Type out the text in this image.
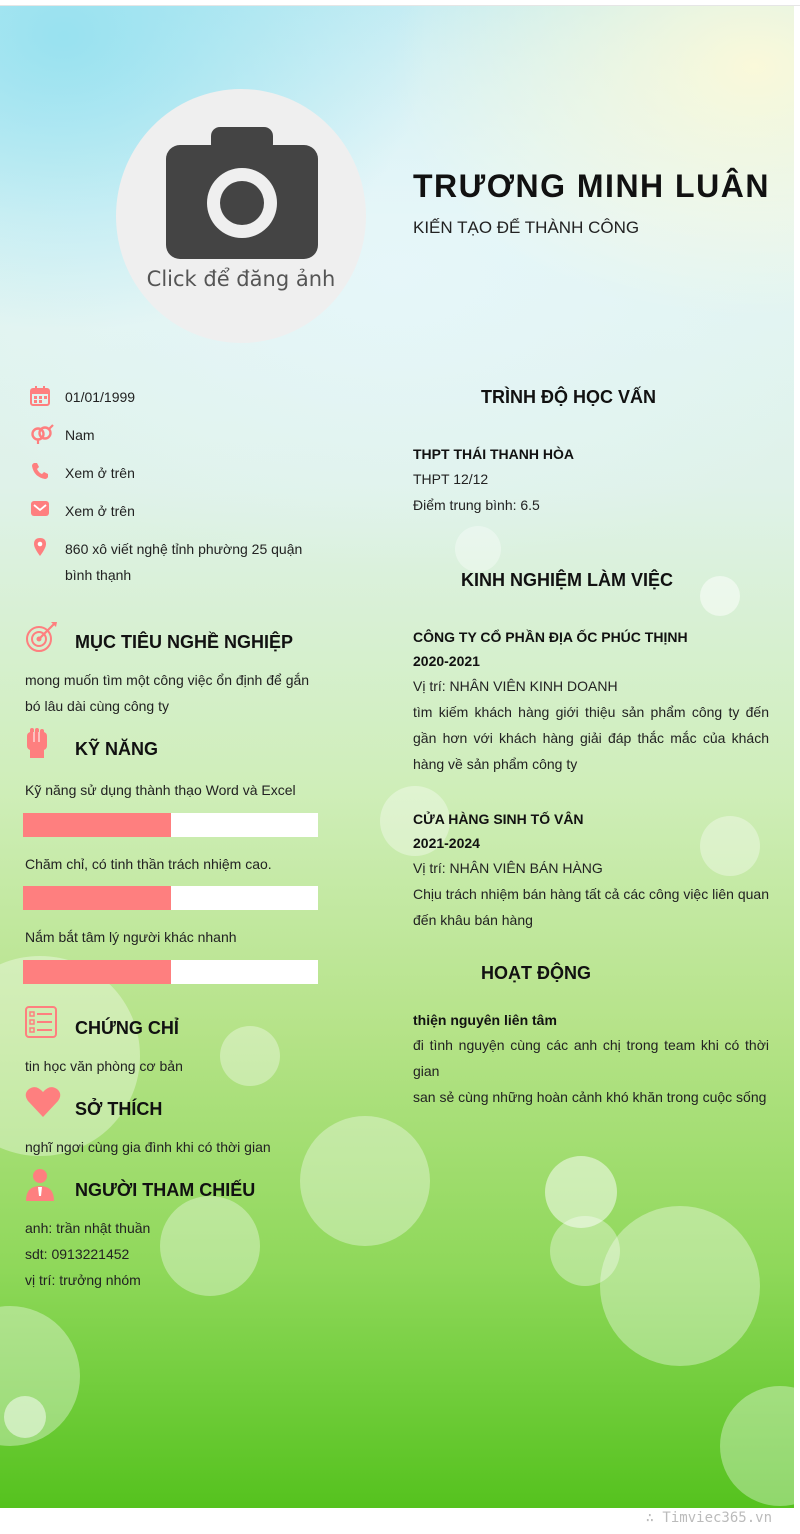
Click để đăng ảnh
TRƯƠNG MINH LUÂN
KIẾN TẠO ĐỂ THÀNH CÔNG
01/01/1999
Nam
Xem ở trên
Xem ở trên
860 xô viết nghệ tỉnh phường 25 quận bình thạnh
MỤC TIÊU NGHỀ NGHIỆP
mong muốn tìm một công việc ổn định để gắn bó lâu dài cùng công ty
KỸ NĂNG
Kỹ năng sử dụng thành thạo Word và Excel
Chăm chỉ, có tinh thần trách nhiệm cao.
Nắm bắt tâm lý người khác nhanh
CHỨNG CHỈ
tin học văn phòng cơ bản
SỞ THÍCH
nghĩ ngơi cùng gia đình khi có thời gian
NGƯỜI THAM CHIẾU
anh: trần nhật thuần
sdt: 0913221452
vị trí: trưởng nhóm
TRÌNH ĐỘ HỌC VẤN
THPT THÁI THANH HÒA
THPT 12/12
Điểm trung bình: 6.5
KINH NGHIỆM LÀM VIỆC
CÔNG TY CỔ PHẦN ĐỊA ỐC PHÚC THỊNH
2020-2021
Vị trí: NHÂN VIÊN KINH DOANH
tìm kiếm khách hàng giới thiệu sản phẩm công ty đến gần hơn với khách hàng giải đáp thắc mắc của khách hàng về sản phẩm công ty
CỬA HÀNG SINH TỐ VÂN
2021-2024
Vị trí: NHÂN VIÊN BÁN HÀNG
Chịu trách nhiệm bán hàng tất cả các công việc liên quan đến khâu bán hàng
HOẠT ĐỘNG
thiện nguyên liên tâm
đi tình nguyện cùng các anh chị trong team khi có thời gian
san sẻ cùng những hoàn cảnh khó khăn trong cuộc sống
∴ Timviec365.vn
